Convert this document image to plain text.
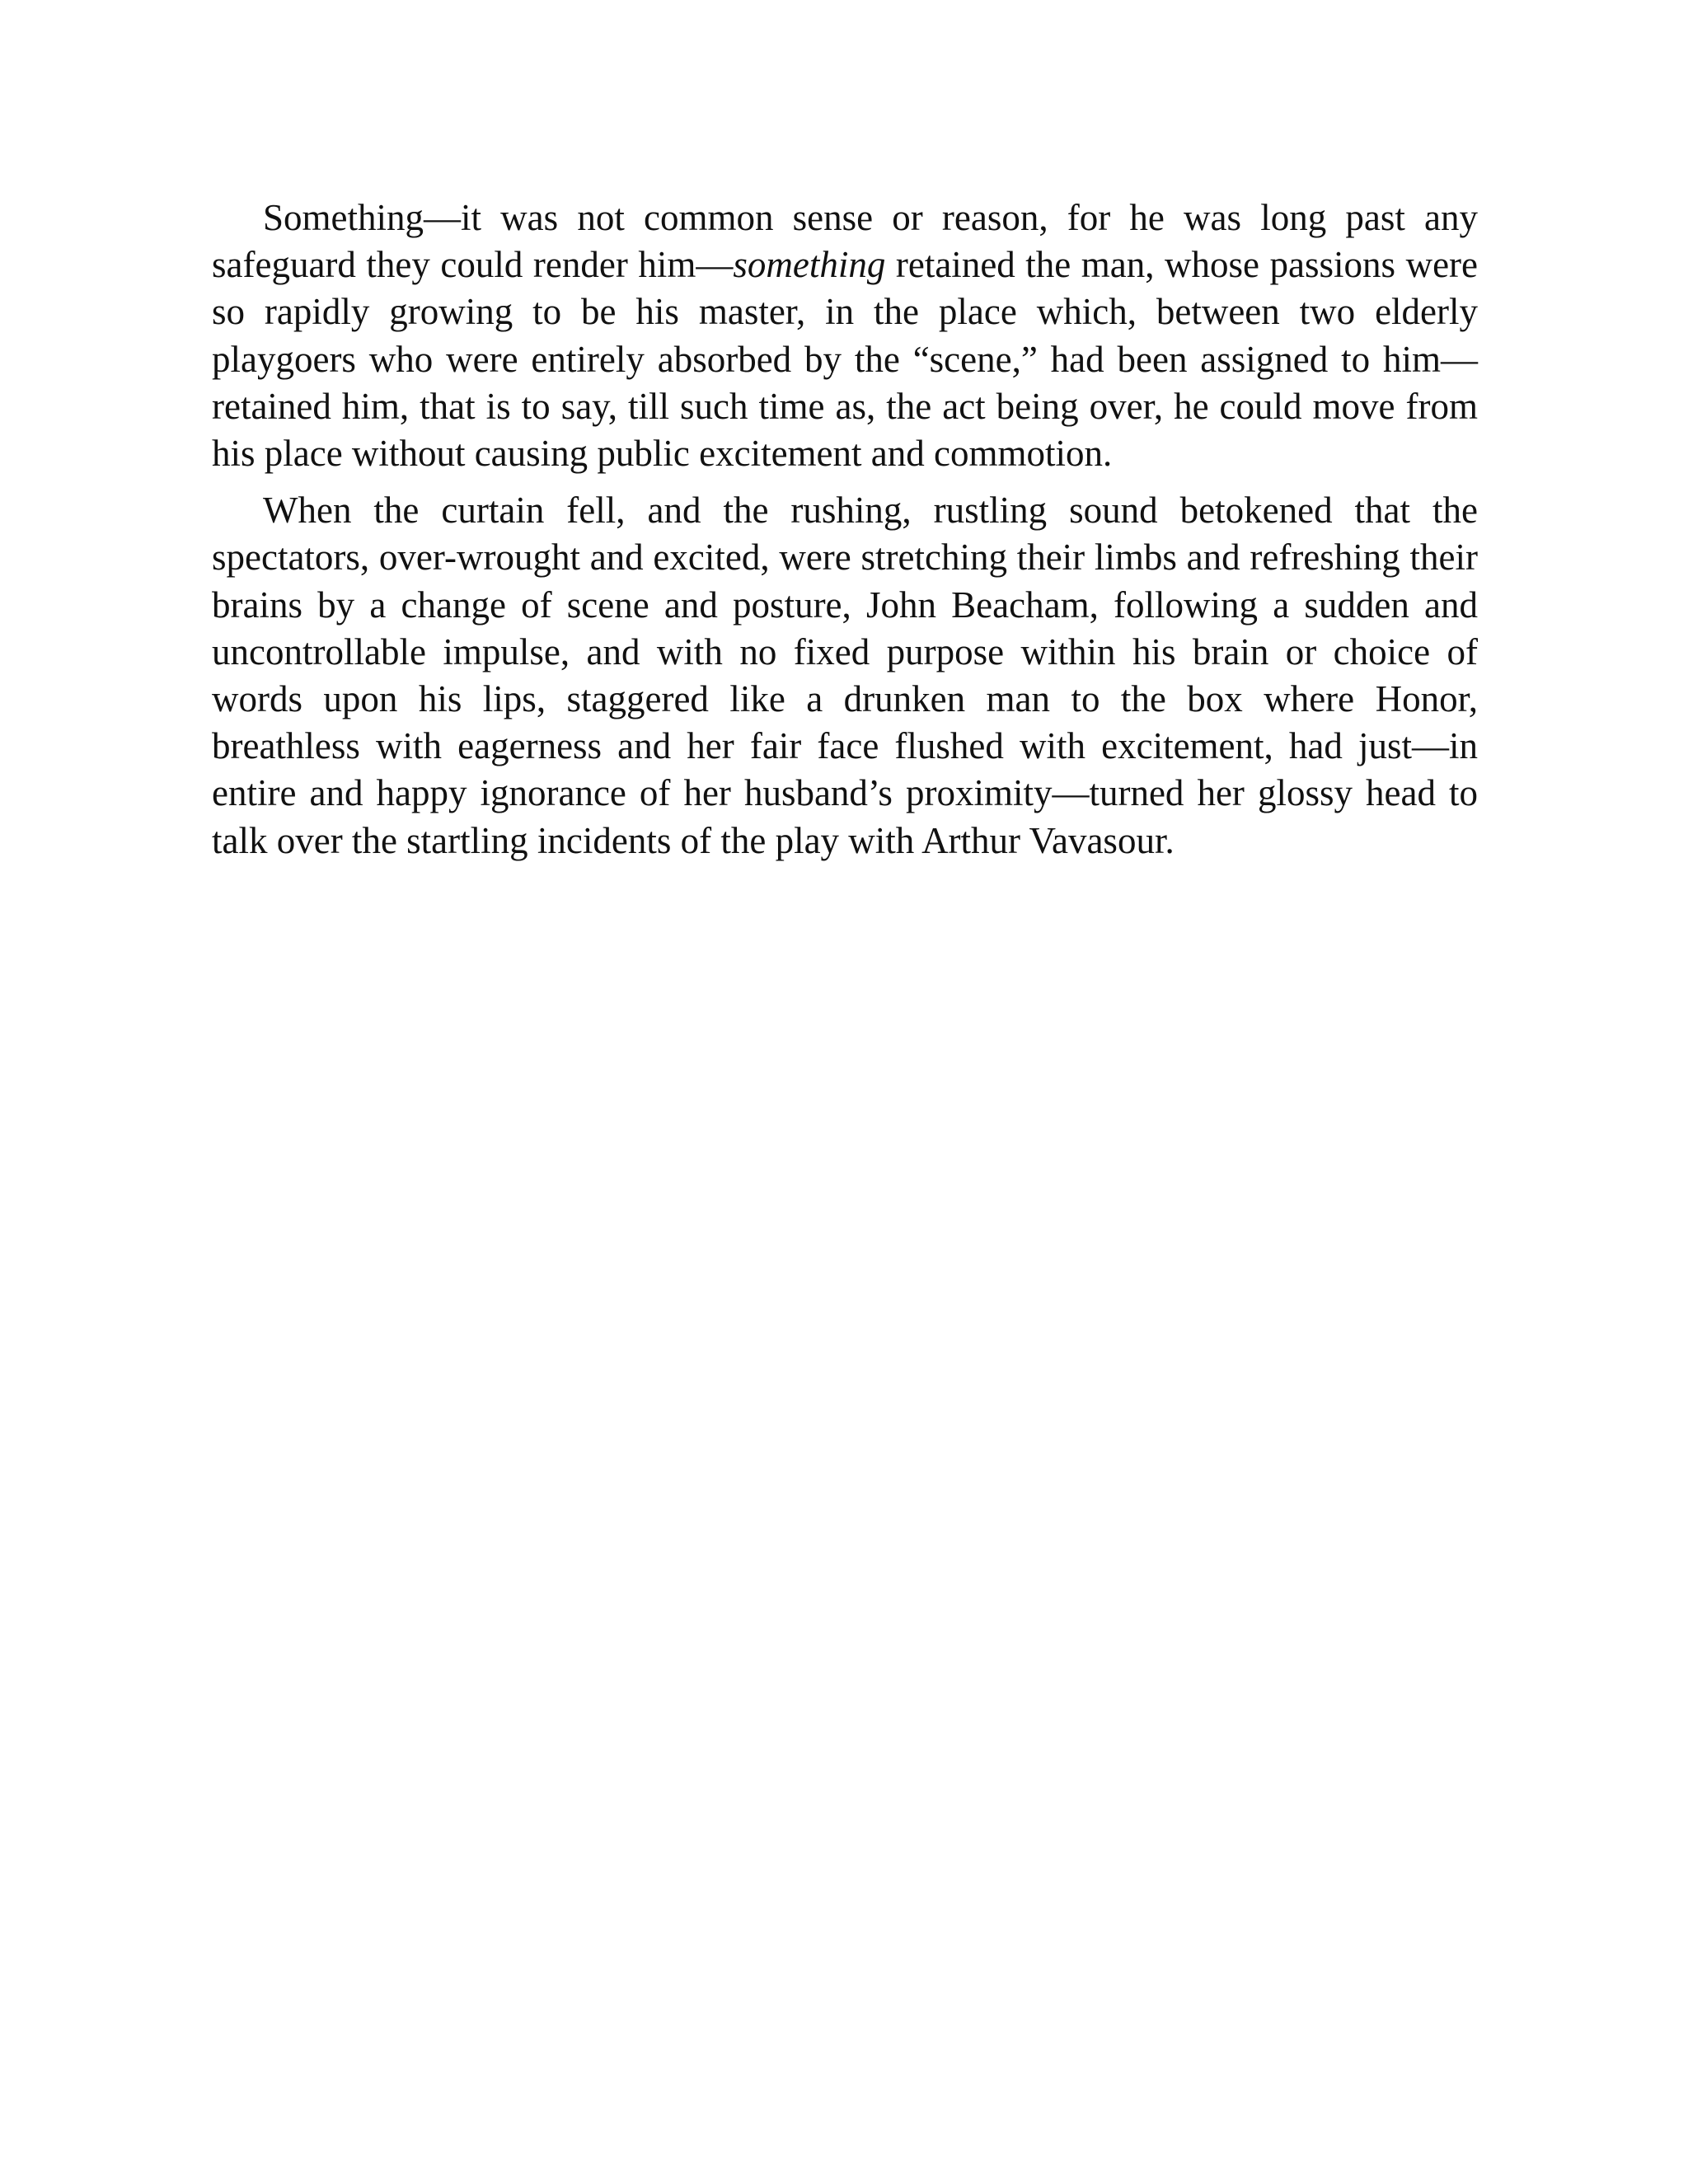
Something—it was not common sense or reason, for he was long past any safeguard they could render him—something retained the man, whose passions were so rapidly growing to be his master, in the place which, between two elderly playgoers who were entirely absorbed by the “scene,” had been assigned to him—retained him, that is to say, till such time as, the act being over, he could move from his place without causing public excitement and commotion.

When the curtain fell, and the rushing, rustling sound betokened that the spectators, over-wrought and excited, were stretching their limbs and refreshing their brains by a change of scene and posture, John Beacham, following a sudden and uncontrollable impulse, and with no fixed purpose within his brain or choice of words upon his lips, staggered like a drunken man to the box where Honor, breathless with eagerness and her fair face flushed with excitement, had just—in entire and happy ignorance of her husband’s proximity—turned her glossy head to talk over the startling incidents of the play with Arthur Vavasour.
